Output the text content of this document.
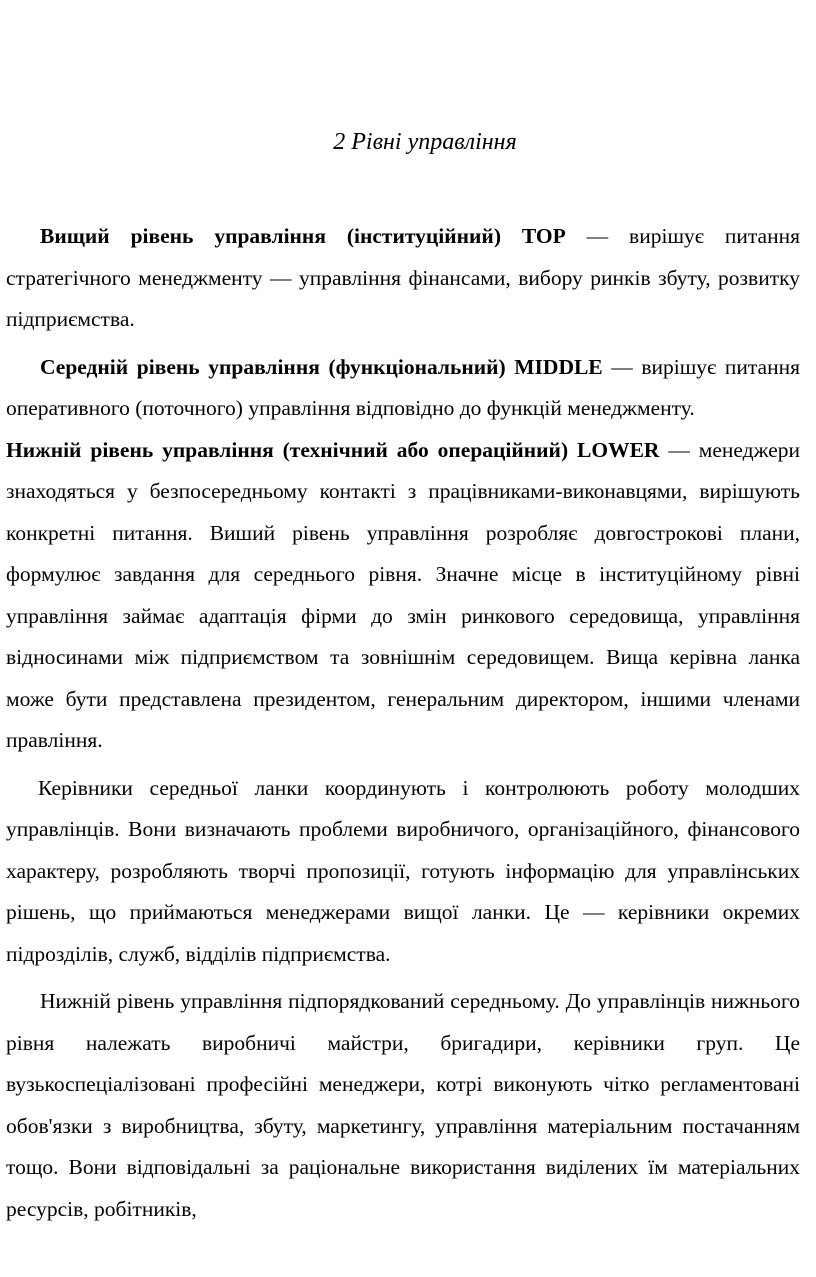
2 Рівні управління

Вищий рівень управління (інституційний) TOP — вирішує питання стратегічного менеджменту — управління фінансами, вибору ринків збуту, розвитку підприємства.

Середній рівень управління (функціональний) MIDDLE — вирішує питання оперативного (поточного) управління відповідно до функцій менеджменту.

Нижній рівень управління (технічний або операційний) LOWER — менеджери знаходяться у безпосередньому контакті з працівниками-виконавцями, вирішують конкретні питання. Виший рівень управління розробляє довгострокові плани, формулює завдання для середнього рівня. Значне місце в інституційному рівні управління займає адаптація фірми до змін ринкового середовища, управління відносинами між підприємством та зовнішнім середовищем. Вища керівна ланка може бути представлена президентом, генеральним директором, іншими членами правління.

Керівники середньої ланки координують і контролюють роботу молодших управлінців. Вони визначають проблеми виробничого, організаційного, фінансового характеру, розробляють творчі пропозиції, готують інформацію для управлінських рішень, що приймаються менеджерами вищої ланки. Це — керівники окремих підрозділів, служб, відділів підприємства.

Нижній рівень управління підпорядкований середньому. До управлінців нижнього рівня належать виробничі майстри, бригадири, керівники груп. Це вузькоспеціалізовані професійні менеджери, котрі виконують чітко регламентовані обов'язки з виробництва, збуту, маркетингу, управління матеріальним постачанням тощо. Вони відповідальні за раціональне використання виділених їм матеріальних ресурсів, робітників,
